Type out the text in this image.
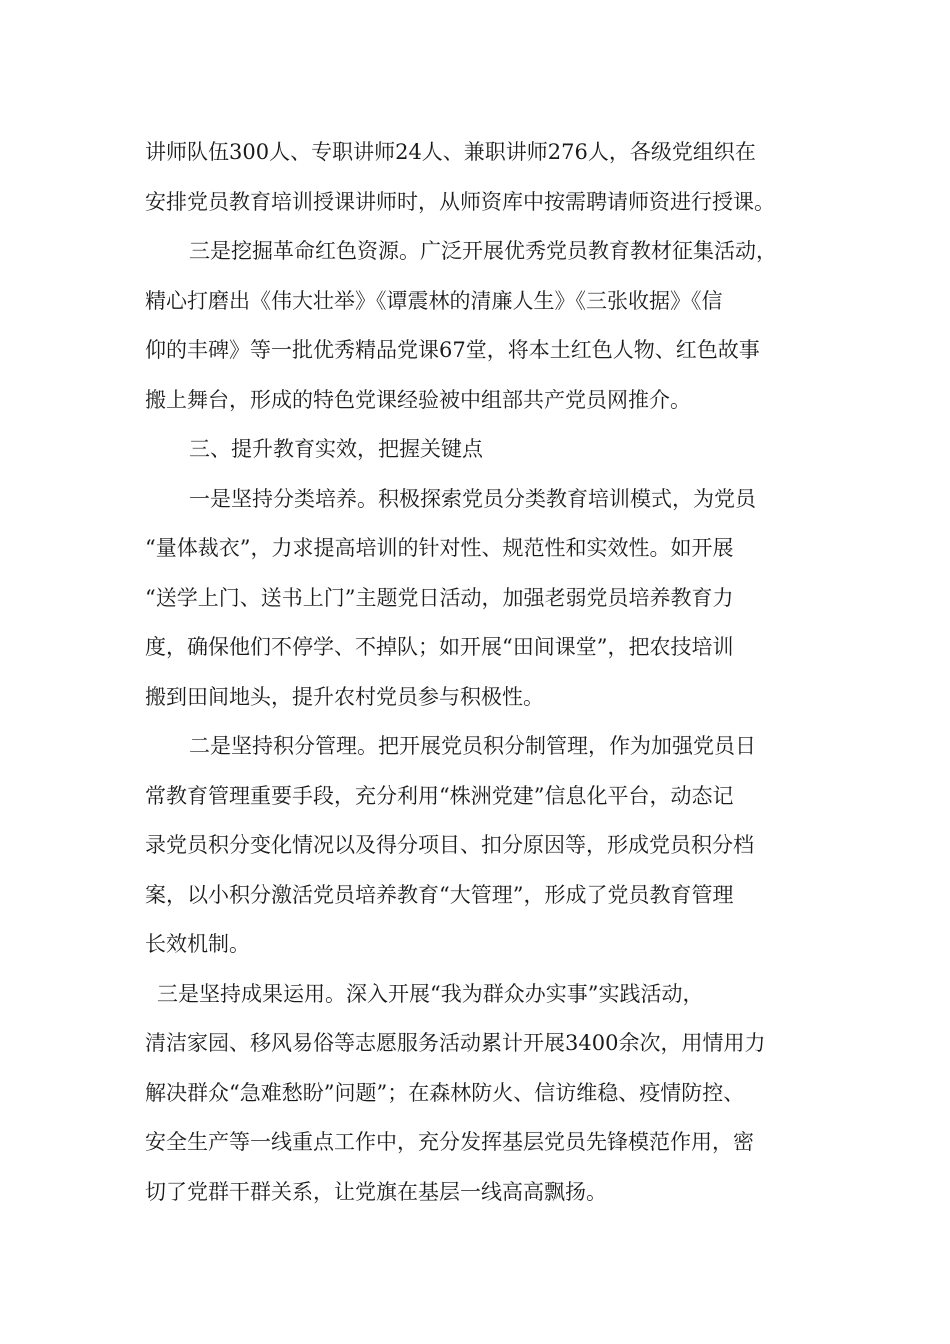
讲师队伍300人、专职讲师24人、兼职讲师276人，各级党组织在
安排党员教育培训授课讲师时，从师资库中按需聘请师资进行授课。
三是挖掘革命红色资源。广泛开展优秀党员教育教材征集活动，
精心打磨出《伟大壮举》《谭震林的清廉人生》《三张收据》《信
仰的丰碑》等一批优秀精品党课67堂，将本土红色人物、红色故事
搬上舞台，形成的特色党课经验被中组部共产党员网推介。
三、提升教育实效，把握关键点
一是坚持分类培养。积极探索党员分类教育培训模式，为党员
“量体裁衣”，力求提高培训的针对性、规范性和实效性。如开展
“送学上门、送书上门”主题党日活动，加强老弱党员培养教育力
度，确保他们不停学、不掉队；如开展“田间课堂”，把农技培训
搬到田间地头，提升农村党员参与积极性。
二是坚持积分管理。把开展党员积分制管理，作为加强党员日
常教育管理重要手段，充分利用“株洲党建”信息化平台，动态记
录党员积分变化情况以及得分项目、扣分原因等，形成党员积分档
案，以小积分激活党员培养教育“大管理”，形成了党员教育管理
长效机制。
三是坚持成果运用。深入开展“我为群众办实事”实践活动，
清洁家园、移风易俗等志愿服务活动累计开展3400余次，用情用力
解决群众“急难愁盼”问题”；在森林防火、信访维稳、疫情防控、
安全生产等一线重点工作中，充分发挥基层党员先锋模范作用，密
切了党群干群关系，让党旗在基层一线高高飘扬。
